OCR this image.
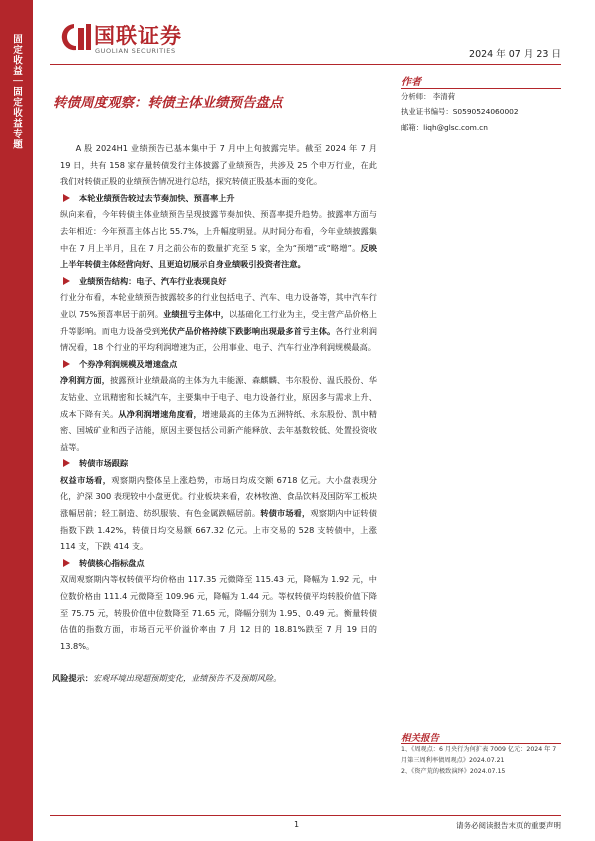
固定收益｜固定收益专题	国联证券
GUOLIAN SECURITIES	2024 年 07 月 23 日
转债周度观察：转债主体业绩预告盘点
作者
分析师： 李清荷
执业证书编号：S0590524060002
邮箱：liqh@glsc.com.cn

A 股 2024H1 业绩预告已基本集中于 7 月中上旬披露完毕。截至 2024 年 7 月 19 日，共有 158 家存量转债发行主体披露了业绩预告，共涉及 25 个申万行业，在此我们对转债正股的业绩预告情况进行总结，探究转债正股基本面的变化。

本轮业绩预告较过去节奏加快、预喜率上升

纵向来看，今年转债主体业绩预告呈现披露节奏加快、预喜率提升趋势。披露率方面与去年相近：今年预喜主体占比 55.7%，上升幅度明显。从时间分布看，今年业绩披露集中在 7 月上半月，且在 7 月之前公布的数量扩充至 5 家，全为“预增”或“略增”。反映上半年转债主体经营向好、且更迫切展示自身业绩吸引投资者注意。

业绩预告结构：电子、汽车行业表现良好

行业分布看，本轮业绩预告披露较多的行业包括电子、汽车、电力设备等，其中汽车行业以 75%预喜率居于前列。业绩扭亏主体中，以基础化工行业为主，受主营产品价格上升等影响。而电力设备受到光伏产品价格持续下跌影响出现最多首亏主体。各行业利润情况看，18 个行业的平均利润增速为正，公用事业、电子、汽车行业净利润规模最高。

个券净利润规模及增速盘点

净利润方面，披露预计业绩最高的主体为九丰能源、森麒麟、韦尔股份、温氏股份、华友钴业、立讯精密和长城汽车，主要集中于电子、电力设备行业，原因多与需求上升、成本下降有关。从净利润增速角度看，增速最高的主体为五洲特纸、永东股份、凯中精密、国城矿业和西子洁能，原因主要包括公司新产能释放、去年基数较低、处置投资收益等。

转债市场跟踪

权益市场看，观察期内整体呈上涨趋势，市场日均成交额 6718 亿元。大小盘表现分化，沪深 300 表现较中小盘更优。行业板块来看，农林牧渔、食品饮料及国防军工板块涨幅居前；轻工制造、纺织服装、有色金属跌幅居前。转债市场看，观察期内中证转债指数下跌 1.42%，转债日均交易额 667.32 亿元。上市交易的 528 支转债中，上涨 114 支，下跌 414 支。

转债核心指标盘点

双周观察期内等权转债平均价格由 117.35 元微降至 115.43 元，降幅为 1.92 元，中位数价格由 111.4 元微降至 109.96 元，降幅为 1.44 元。等权转债平均转股价值下降至 75.75 元，转股价值中位数降至 71.65 元，降幅分别为 1.95、0.49 元。衡量转债估值的指数方面，市场百元平价溢价率由 7 月 12 日的 18.81%跌至 7 月 19 日的 13.8%。

风险提示：宏观环境出现超预期变化，业绩预告不及预期风险。
相关报告
1、《周观点：6 月央行为何扩表 7009 亿元：2024 年 7 月第三周利率债周观点》2024.07.21
2、《资产荒的极致演绎》2024.07.15
1	请务必阅读报告末页的重要声明
